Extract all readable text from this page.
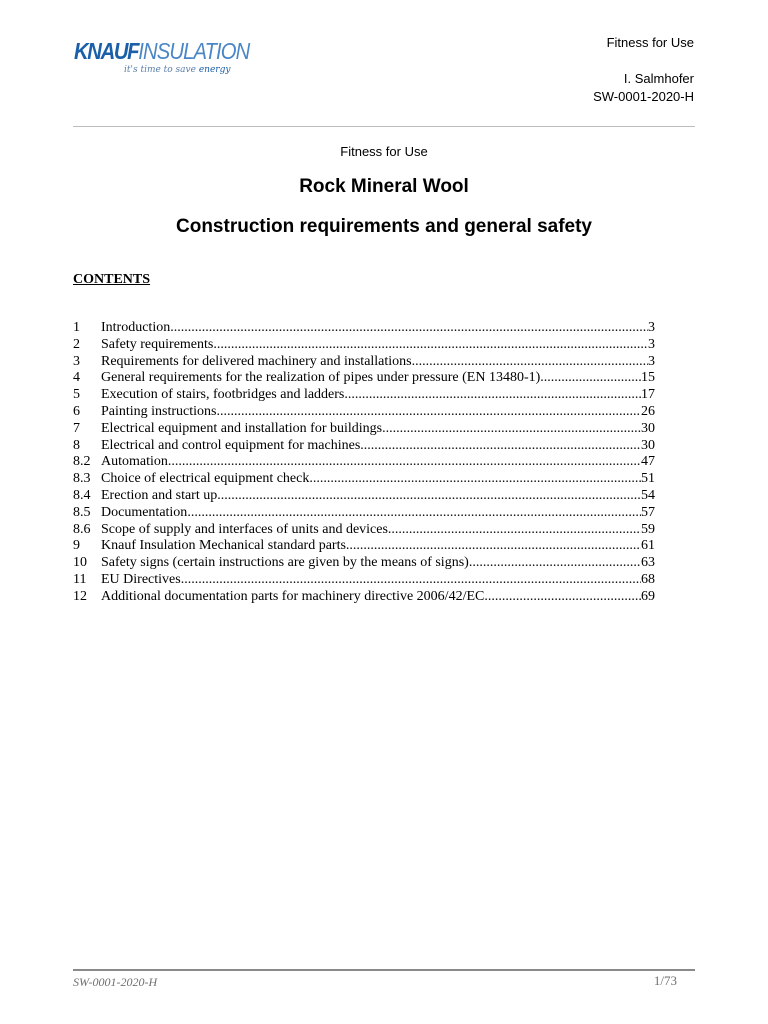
KNAUFINSULATION
it's time to save energy
Fitness for Use
I. Salmhofer
SW-0001-2020-H
Fitness for Use
Rock Mineral Wool
Construction requirements and general safety
CONTENTS
1	Introduction .....	3
2	Safety requirements .....	3
3	Requirements for delivered machinery and installations .....	3
4	General requirements for the realization of pipes under pressure (EN 13480-1) .....	15
5	Execution of stairs, footbridges and ladders .....	17
6	Painting instructions .....	26
7	Electrical equipment and installation for buildings .....	30
8	Electrical and control equipment for machines .....	30
8.2 Automation .....	47
8.3 Choice of electrical equipment check .....	51
8.4 Erection and start up .....	54
8.5 Documentation .....	57
8.6 Scope of supply and interfaces of units and devices .....	59
9	Knauf Insulation Mechanical standard parts .....	61
10	Safety signs (certain instructions are given by the means of signs) .....	63
11	EU Directives .....	68
12	Additional documentation parts for machinery directive 2006/42/EC .....	69
SW-0001-2020-H	1/73
